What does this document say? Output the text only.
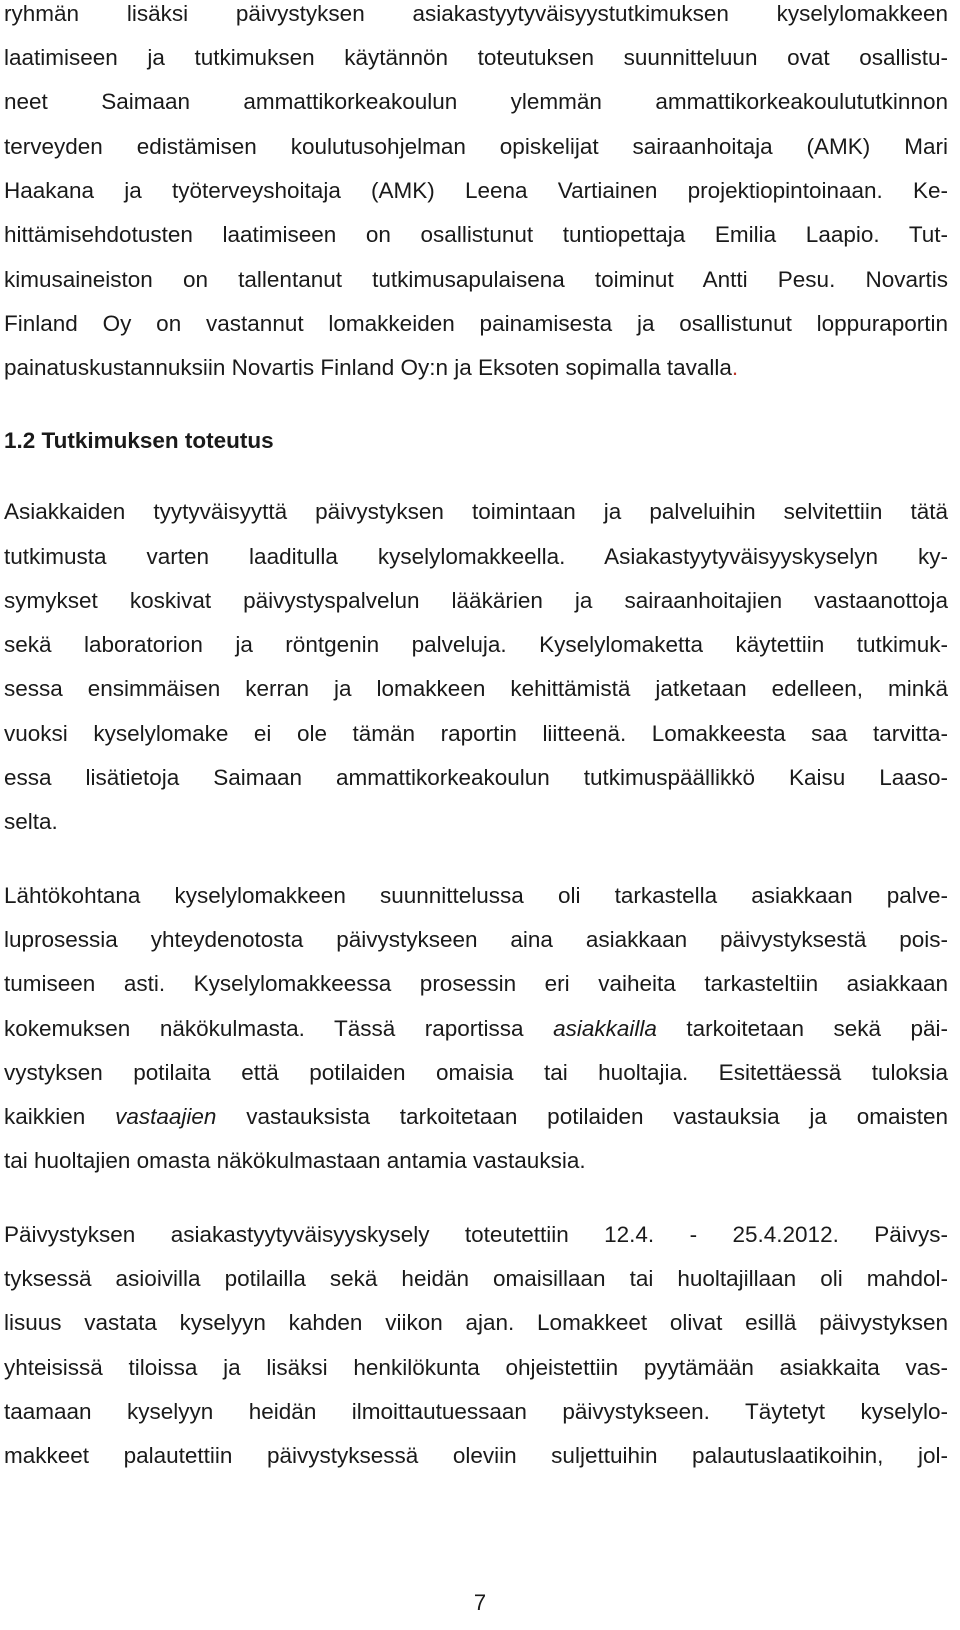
ryhmän lisäksi päivystyksen asiakastyytyväisyystutkimuksen kyselylomakkeen
laatimiseen ja tutkimuksen käytännön toteutuksen suunnitteluun ovat osallistu-
neet Saimaan ammattikorkeakoulun ylemmän ammattikorkeakoulututkinnon
terveyden edistämisen koulutusohjelman opiskelijat sairaanhoitaja (AMK) Mari
Haakana ja työterveyshoitaja (AMK) Leena Vartiainen projektiopintoinaan. Ke-
hittämisehdotusten laatimiseen on osallistunut tuntiopettaja Emilia Laapio. Tut-
kimusaineiston on tallentanut tutkimusapulaisena toiminut Antti Pesu. Novartis
Finland Oy on vastannut lomakkeiden painamisesta ja osallistunut loppuraportin
painatuskustannuksiin Novartis Finland Oy:n ja Eksoten sopimalla tavalla.
1.2 Tutkimuksen toteutus
Asiakkaiden tyytyväisyyttä päivystyksen toimintaan ja palveluihin selvitettiin tätä
tutkimusta varten laaditulla kyselylomakkeella. Asiakastyytyväisyyskyselyn ky-
symykset koskivat päivystyspalvelun lääkärien ja sairaanhoitajien vastaanottoja
sekä laboratorion ja röntgenin palveluja. Kyselylomaketta käytettiin tutkimuk-
sessa ensimmäisen kerran ja lomakkeen kehittämistä jatketaan edelleen, minkä
vuoksi kyselylomake ei ole tämän raportin liitteenä. Lomakkeesta saa tarvitta-
essa lisätietoja Saimaan ammattikorkeakoulun tutkimuspäällikkö Kaisu Laaso-
selta.
Lähtökohtana kyselylomakkeen suunnittelussa oli tarkastella asiakkaan palve-
luprosessia yhteydenotosta päivystykseen aina asiakkaan päivystyksestä pois-
tumiseen asti. Kyselylomakkeessa prosessin eri vaiheita tarkasteltiin asiakkaan
kokemuksen näkökulmasta. Tässä raportissa asiakkailla tarkoitetaan sekä päi-
vystyksen potilaita että potilaiden omaisia tai huoltajia. Esitettäessä tuloksia
kaikkien vastaajien vastauksista tarkoitetaan potilaiden vastauksia ja omaisten
tai huoltajien omasta näkökulmastaan antamia vastauksia.
Päivystyksen asiakastyytyväisyyskysely toteutettiin 12.4. - 25.4.2012. Päivys-
tyksessä asioivilla potilailla sekä heidän omaisillaan tai huoltajillaan oli mahdol-
lisuus vastata kyselyyn kahden viikon ajan. Lomakkeet olivat esillä päivystyksen
yhteisissä tiloissa ja lisäksi henkilökunta ohjeistettiin pyytämään asiakkaita vas-
taamaan kyselyyn heidän ilmoittautuessaan päivystykseen. Täytetyt kyselylo-
makkeet palautettiin päivystyksessä oleviin suljettuihin palautuslaatikoihin, jol-
7
